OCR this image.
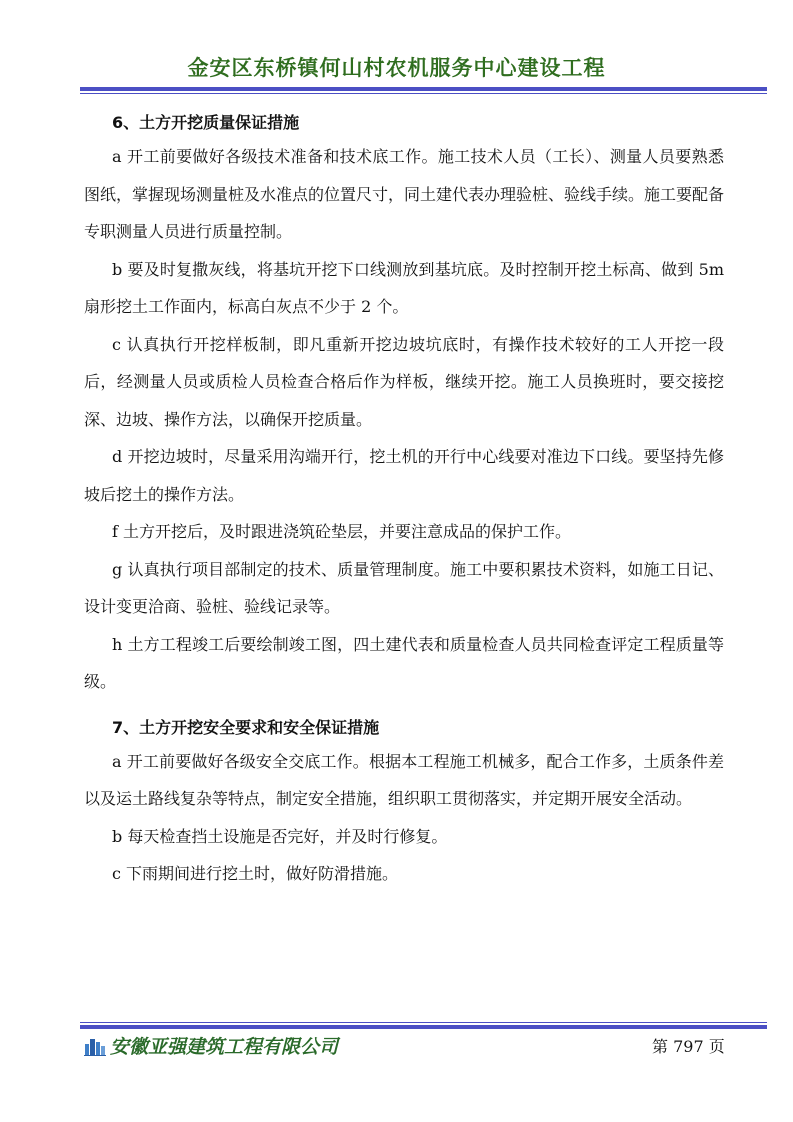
金安区东桥镇何山村农机服务中心建设工程
6、土方开挖质量保证措施

a 开工前要做好各级技术准备和技术底工作。施工技术人员（工长）、测量人员要熟悉图纸，掌握现场测量桩及水准点的位置尺寸，同土建代表办理验桩、验线手续。施工要配备专职测量人员进行质量控制。

b 要及时复撒灰线，将基坑开挖下口线测放到基坑底。及时控制开挖土标高、做到 5m 扇形挖土工作面内，标高白灰点不少于 2 个。

c 认真执行开挖样板制，即凡重新开挖边坡坑底时，有操作技术较好的工人开挖一段后，经测量人员或质检人员检查合格后作为样板，继续开挖。施工人员换班时，要交接挖深、边坡、操作方法，以确保开挖质量。

d 开挖边坡时，尽量采用沟端开行，挖土机的开行中心线要对准边下口线。要坚持先修坡后挖土的操作方法。

f 土方开挖后，及时跟进浇筑砼垫层，并要注意成品的保护工作。

g 认真执行项目部制定的技术、质量管理制度。施工中要积累技术资料，如施工日记、设计变更洽商、验桩、验线记录等。

h 土方工程竣工后要绘制竣工图，四土建代表和质量检查人员共同检查评定工程质量等级。

7、土方开挖安全要求和安全保证措施

a 开工前要做好各级安全交底工作。根据本工程施工机械多，配合工作多，土质条件差以及运土路线复杂等特点，制定安全措施，组织职工贯彻落实，并定期开展安全活动。

b 每天检查挡土设施是否完好，并及时行修复。

c 下雨期间进行挖土时，做好防滑措施。

安徽亚强建筑工程有限公司	第 797 页
